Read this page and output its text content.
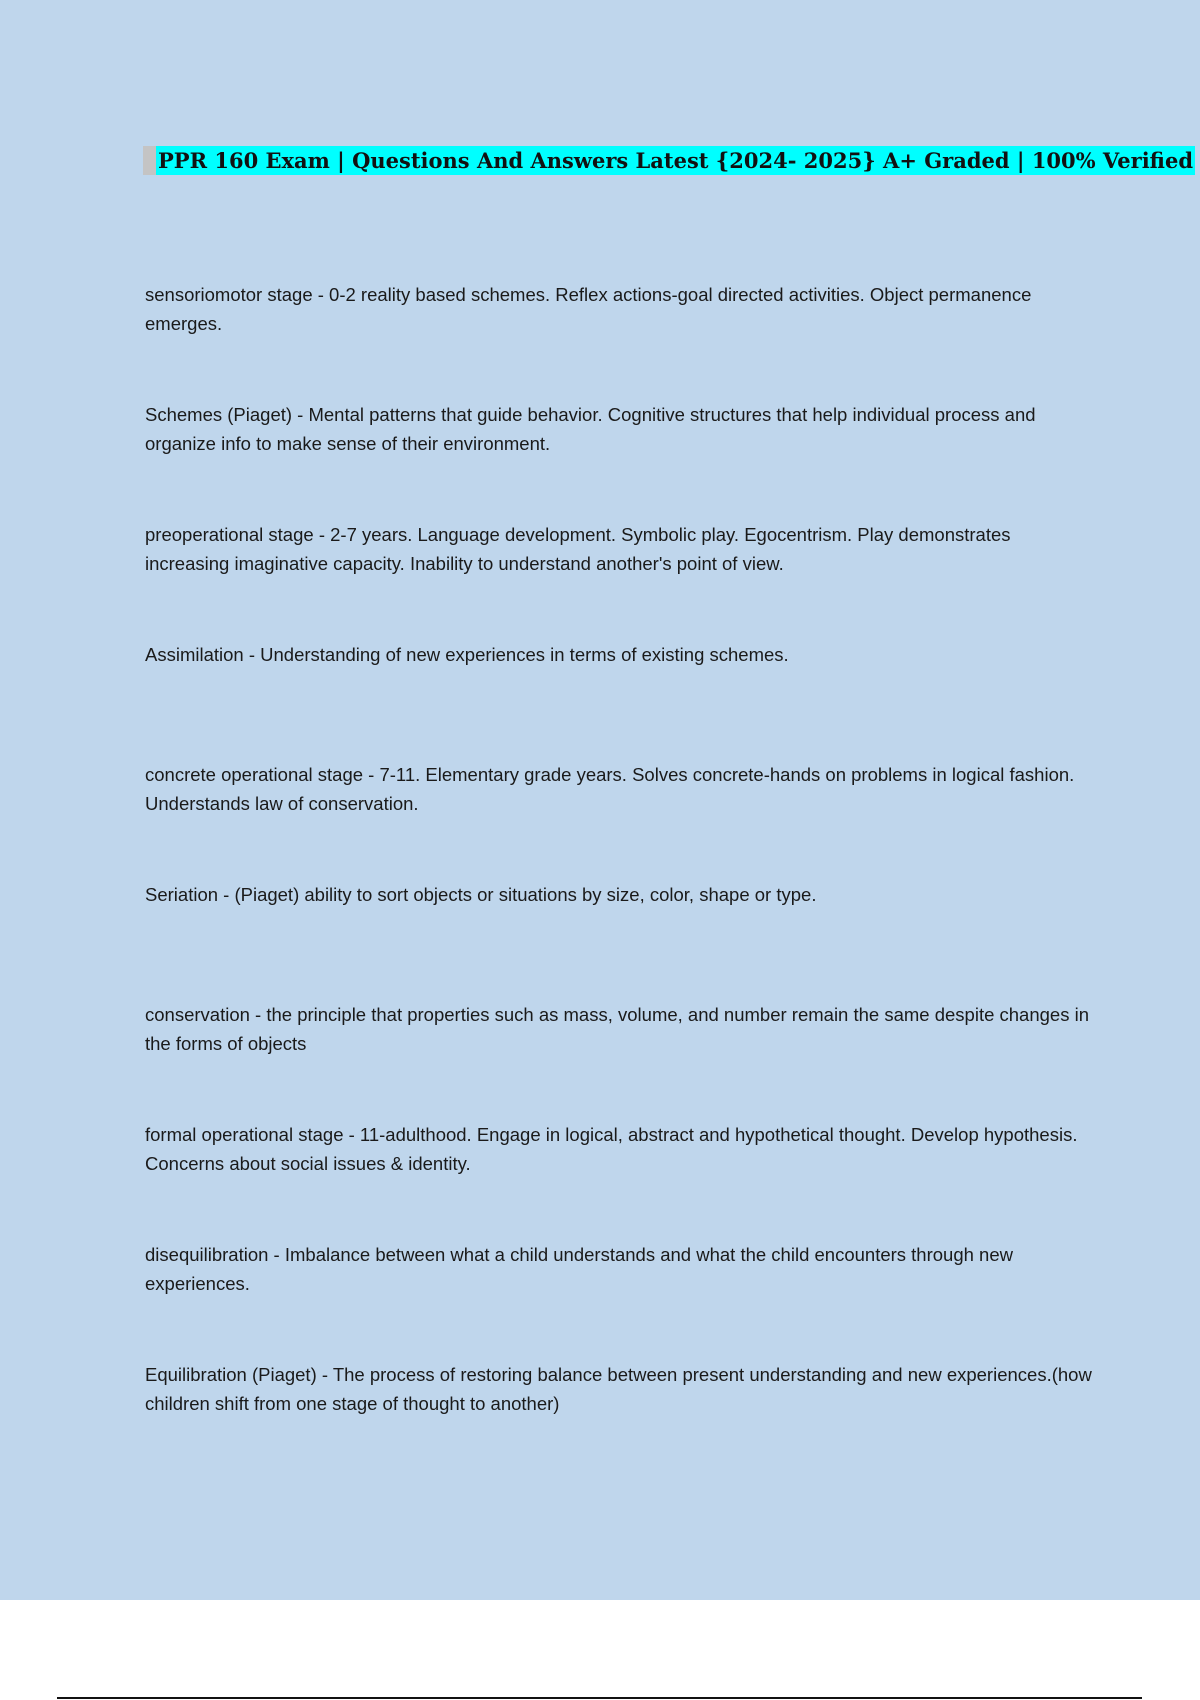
PPR 160 Exam | Questions And Answers Latest {2024- 2025} A+ Graded | 100% Verified
sensoriomotor stage - 0-2 reality based schemes. Reflex actions-goal directed activities. Object permanence emerges.
Schemes (Piaget) - Mental patterns that guide behavior. Cognitive structures that help individual process and organize info to make sense of their environment.
preoperational stage - 2-7 years. Language development. Symbolic play. Egocentrism. Play demonstrates increasing imaginative capacity. Inability to understand another's point of view.
Assimilation - Understanding of new experiences in terms of existing schemes.
concrete operational stage - 7-11. Elementary grade years. Solves concrete-hands on problems in logical fashion. Understands law of conservation.
Seriation - (Piaget) ability to sort objects or situations by size, color, shape or type.
conservation - the principle that properties such as mass, volume, and number remain the same despite changes in the forms of objects
formal operational stage - 11-adulthood. Engage in logical, abstract and hypothetical thought. Develop hypothesis. Concerns about social issues & identity.
disequilibration - Imbalance between what a child understands and what the child encounters through new experiences.
Equilibration (Piaget) - The process of restoring balance between present understanding and new experiences.(how children shift from one stage of thought to another)
